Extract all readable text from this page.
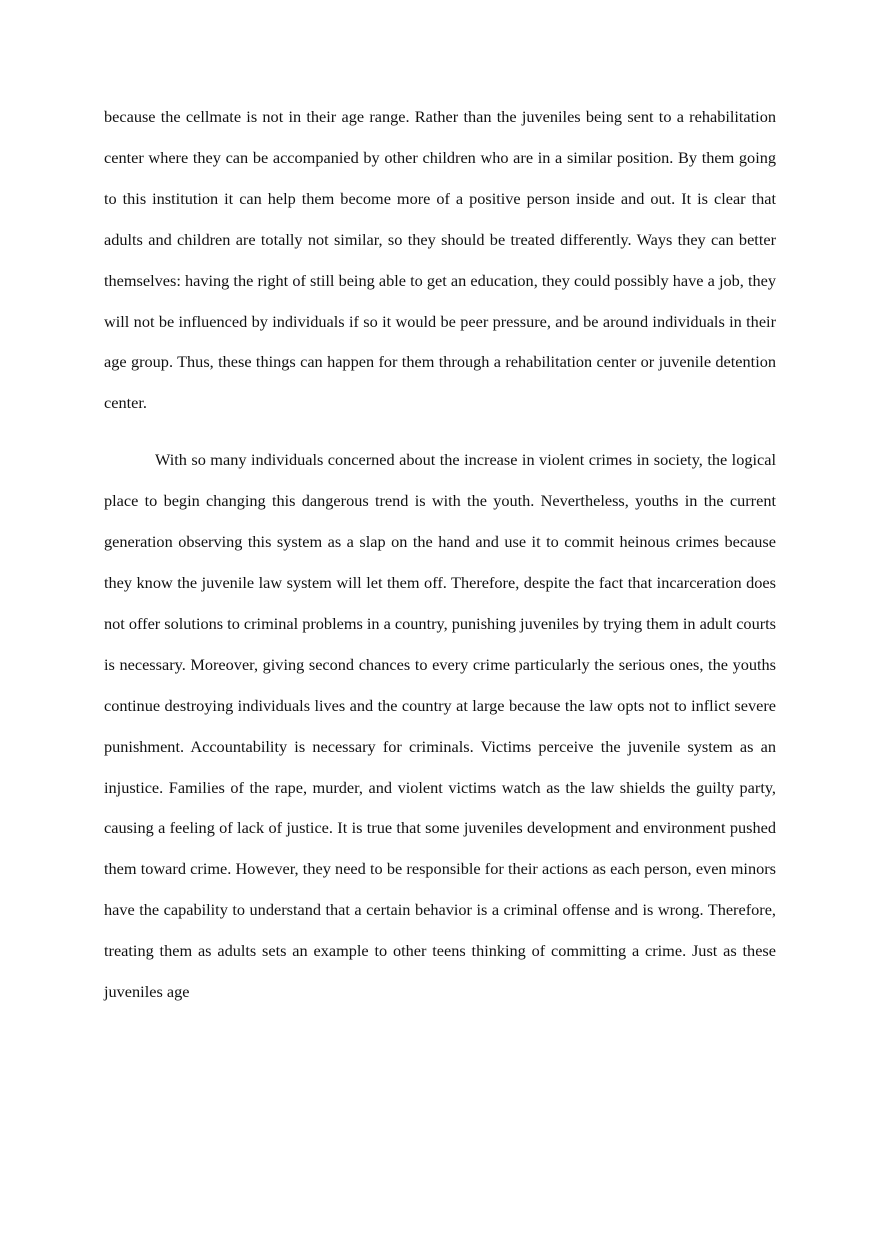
because the cellmate is not in their age range. Rather than the juveniles being sent to a rehabilitation center where they can be accompanied by other children who are in a similar position. By them going to this institution it can help them become more of a positive person inside and out. It is clear that adults and children are totally not similar, so they should be treated differently. Ways they can better themselves: having the right of still being able to get an education, they could possibly have a job, they will not be influenced by individuals if so it would be peer pressure, and be around individuals in their age group. Thus, these things can happen for them through a rehabilitation center or juvenile detention center.

With so many individuals concerned about the increase in violent crimes in society, the logical place to begin changing this dangerous trend is with the youth. Nevertheless, youths in the current generation observing this system as a slap on the hand and use it to commit heinous crimes because they know the juvenile law system will let them off. Therefore, despite the fact that incarceration does not offer solutions to criminal problems in a country, punishing juveniles by trying them in adult courts is necessary. Moreover, giving second chances to every crime particularly the serious ones, the youths continue destroying individuals lives and the country at large because the law opts not to inflict severe punishment. Accountability is necessary for criminals. Victims perceive the juvenile system as an injustice. Families of the rape, murder, and violent victims watch as the law shields the guilty party, causing a feeling of lack of justice. It is true that some juveniles development and environment pushed them toward crime. However, they need to be responsible for their actions as each person, even minors have the capability to understand that a certain behavior is a criminal offense and is wrong. Therefore, treating them as adults sets an example to other teens thinking of committing a crime. Just as these juveniles age
